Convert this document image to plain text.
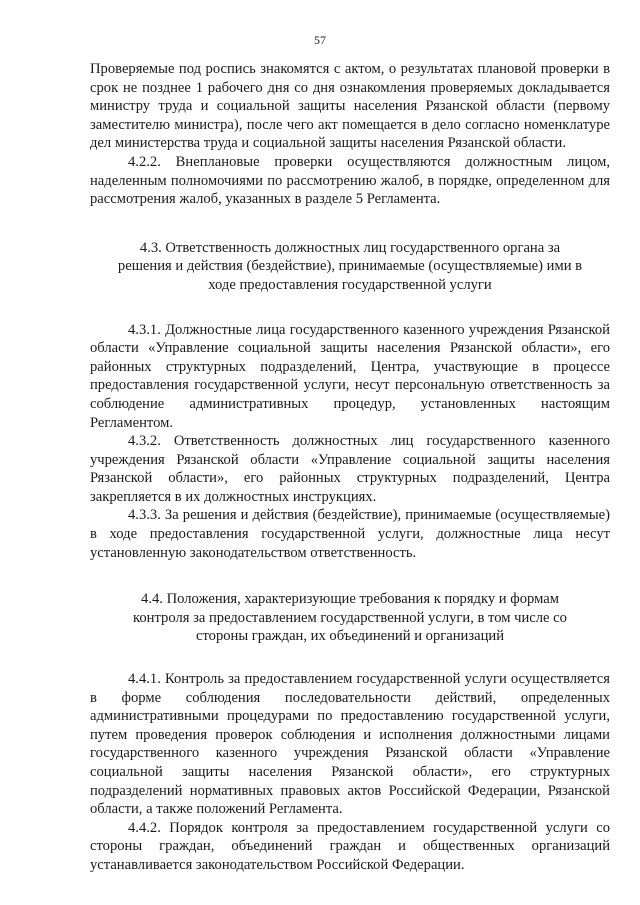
57

Проверяемые под роспись знакомятся с актом, о результатах плановой проверки в срок не позднее 1 рабочего дня со дня ознакомления проверяемых докладывается министру труда и социальной защиты населения Рязанской области (первому заместителю министра), после чего акт помещается в дело согласно номенклатуре дел министерства труда и социальной защиты населения Рязанской области.

4.2.2. Внеплановые проверки осуществляются должностным лицом, наделенным полномочиями по рассмотрению жалоб, в порядке, определенном для рассмотрения жалоб, указанных в разделе 5 Регламента.

4.3. Ответственность должностных лиц государственного органа за решения и действия (бездействие), принимаемые (осуществляемые) ими в ходе предоставления государственной услуги

4.3.1. Должностные лица государственного казенного учреждения Рязанской области «Управление социальной защиты населения Рязанской области», его районных структурных подразделений, Центра, участвующие в процессе предоставления государственной услуги, несут персональную ответственность за соблюдение административных процедур, установленных настоящим Регламентом.

4.3.2. Ответственность должностных лиц государственного казенного учреждения Рязанской области «Управление социальной защиты населения Рязанской области», его районных структурных подразделений, Центра закрепляется в их должностных инструкциях.

4.3.3. За решения и действия (бездействие), принимаемые (осуществляемые) в ходе предоставления государственной услуги, должностные лица несут установленную законодательством ответственность.

4.4. Положения, характеризующие требования к порядку и формам контроля за предоставлением государственной услуги, в том числе со стороны граждан, их объединений и организаций

4.4.1. Контроль за предоставлением государственной услуги осуществляется в форме соблюдения последовательности действий, определенных административными процедурами по предоставлению государственной услуги, путем проведения проверок соблюдения и исполнения должностными лицами государственного казенного учреждения Рязанской области «Управление социальной защиты населения Рязанской области», его структурных подразделений нормативных правовых актов Российской Федерации, Рязанской области, а также положений Регламента.

4.4.2. Порядок контроля за предоставлением государственной услуги со стороны граждан, объединений граждан и общественных организаций устанавливается законодательством Российской Федерации.
